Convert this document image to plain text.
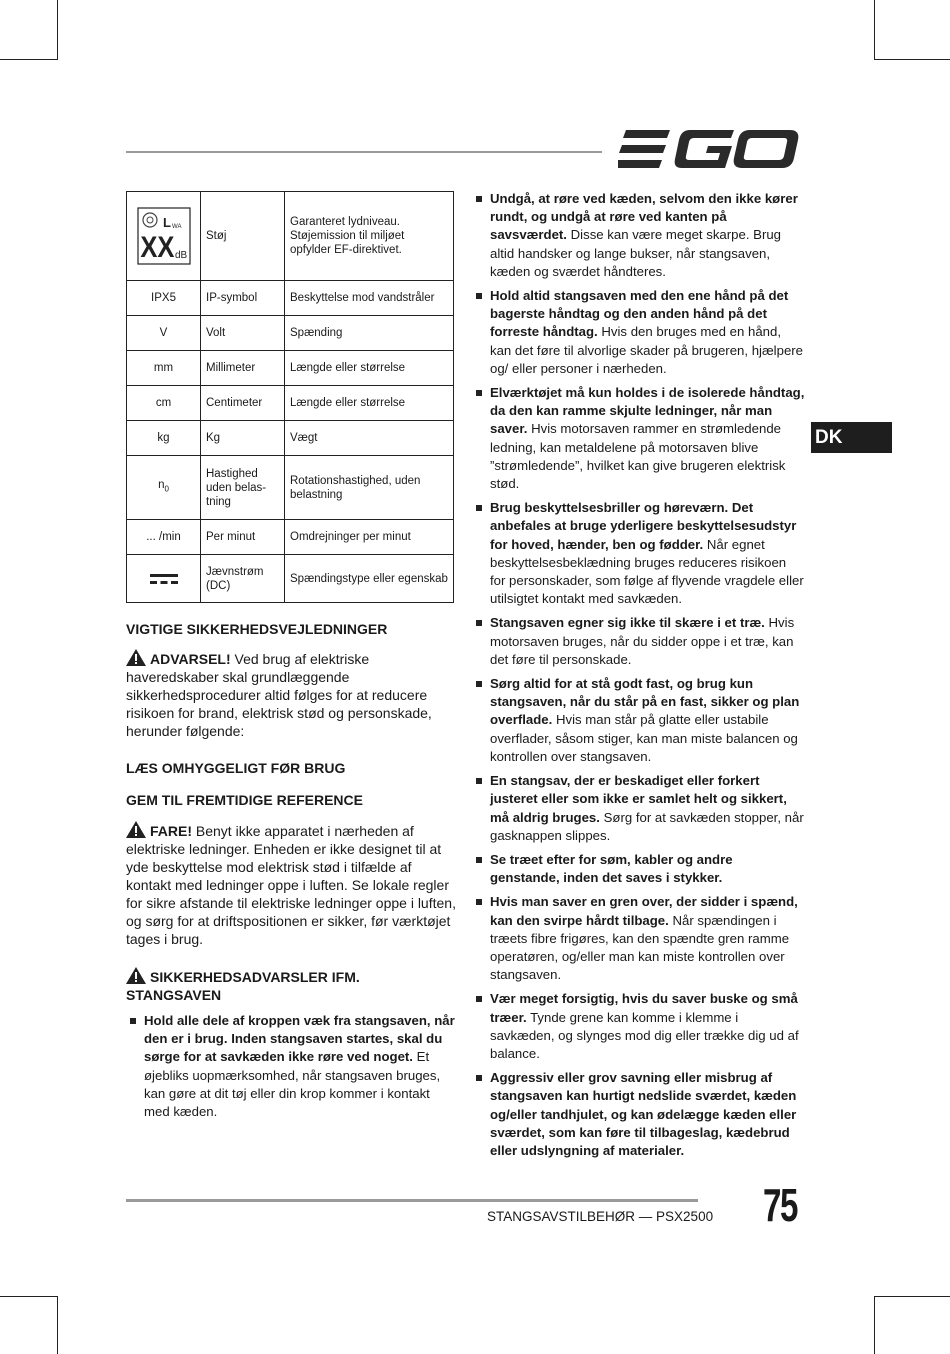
DK
L WA
XX dB	Støj	Garanteret lydniveau. Støjemission til miljøet opfylder EF-direktivet.
IPX5	IP-symbol	Beskyttelse mod vandstråler
V	Volt	Spænding
mm	Millimeter	Længde eller størrelse
cm	Centimeter	Længde eller størrelse
kg	Kg	Vægt
$n_0$	Hastighed uden belas-tning	Rotationshastighed, uden belastning
... /min	Per minut	Omdrejninger per minut

	Jævnstrøm (DC)	Spændingstype eller egenskab

VIGTIGE SIKKERHEDSVEJLEDNINGER

ADVARSEL! Ved brug af elektriske haveredskaber skal grundlæggende sikkerhedsprocedurer altid følges for at reducere risikoen for brand, elektrisk stød og personskade, herunder følgende:

LÆS OMHYGGELIGT FØR BRUG

GEM TIL FREMTIDIGE REFERENCE

FARE! Benyt ikke apparatet i nærheden af elektriske ledninger. Enheden er ikke designet til at yde beskyttelse mod elektrisk stød i tilfælde af kontakt med ledninger oppe i luften. Se lokale regler for sikre afstande til elektriske ledninger oppe i luften, og sørg for at driftspositionen er sikker, før værktøjet tages i brug.

SIKKERHEDSADVARSLER IFM. STANGSAVEN

Hold alle dele af kroppen væk fra stangsaven, når den er i brug. Inden stangsaven startes, skal du sørge for at savkæden ikke røre ved noget. Et øjebliks uopmærksomhed, når stangsaven bruges, kan gøre at dit tøj eller din krop kommer i kontakt med kæden.
Undgå, at røre ved kæden, selvom den ikke kører rundt, og undgå at røre ved kanten på savsværdet. Disse kan være meget skarpe. Brug altid handsker og lange bukser, når stangsaven, kæden og sværdet håndteres.
Hold altid stangsaven med den ene hånd på det bagerste håndtag og den anden hånd på det forreste håndtag. Hvis den bruges med en hånd, kan det føre til alvorlige skader på brugeren, hjælpere og/ eller personer i nærheden.
Elværktøjet må kun holdes i de isolerede håndtag, da den kan ramme skjulte ledninger, når man saver. Hvis motorsaven rammer en strømledende ledning, kan metaldelene på motorsaven blive ”strømledende”, hvilket kan give brugeren elektrisk stød.
Brug beskyttelsesbriller og høreværn. Det anbefales at bruge yderligere beskyttelsesudstyr for hoved, hænder, ben og fødder. Når egnet beskyttelsesbeklædning bruges reduceres risikoen for personskader, som følge af flyvende vragdele eller utilsigtet kontakt med savkæden.
Stangsaven egner sig ikke til skære i et træ. Hvis motorsaven bruges, når du sidder oppe i et træ, kan det føre til personskade.
Sørg altid for at stå godt fast, og brug kun stangsaven, når du står på en fast, sikker og plan overflade. Hvis man står på glatte eller ustabile overflader, såsom stiger, kan man miste balancen og kontrollen over stangsaven.
En stangsav, der er beskadiget eller forkert justeret eller som ikke er samlet helt og sikkert, må aldrig bruges. Sørg for at savkæden stopper, når gasknappen slippes.
Se træet efter for søm, kabler og andre genstande, inden det saves i stykker.
Hvis man saver en gren over, der sidder i spænd, kan den svirpe hårdt tilbage. Når spændingen i træets fibre frigøres, kan den spændte gren ramme operatøren, og/eller man kan miste kontrollen over stangsaven.
Vær meget forsigtig, hvis du saver buske og små træer. Tynde grene kan komme i klemme i savkæden, og slynges mod dig eller trække dig ud af balance.
Aggressiv eller grov savning eller misbrug af stangsaven kan hurtigt nedslide sværdet, kæden og/eller tandhjulet, og kan ødelægge kæden eller sværdet, som kan føre til tilbageslag, kædebrud eller udslyngning af materialer.
STANGSAVSTILBEHØR — PSX2500 75
